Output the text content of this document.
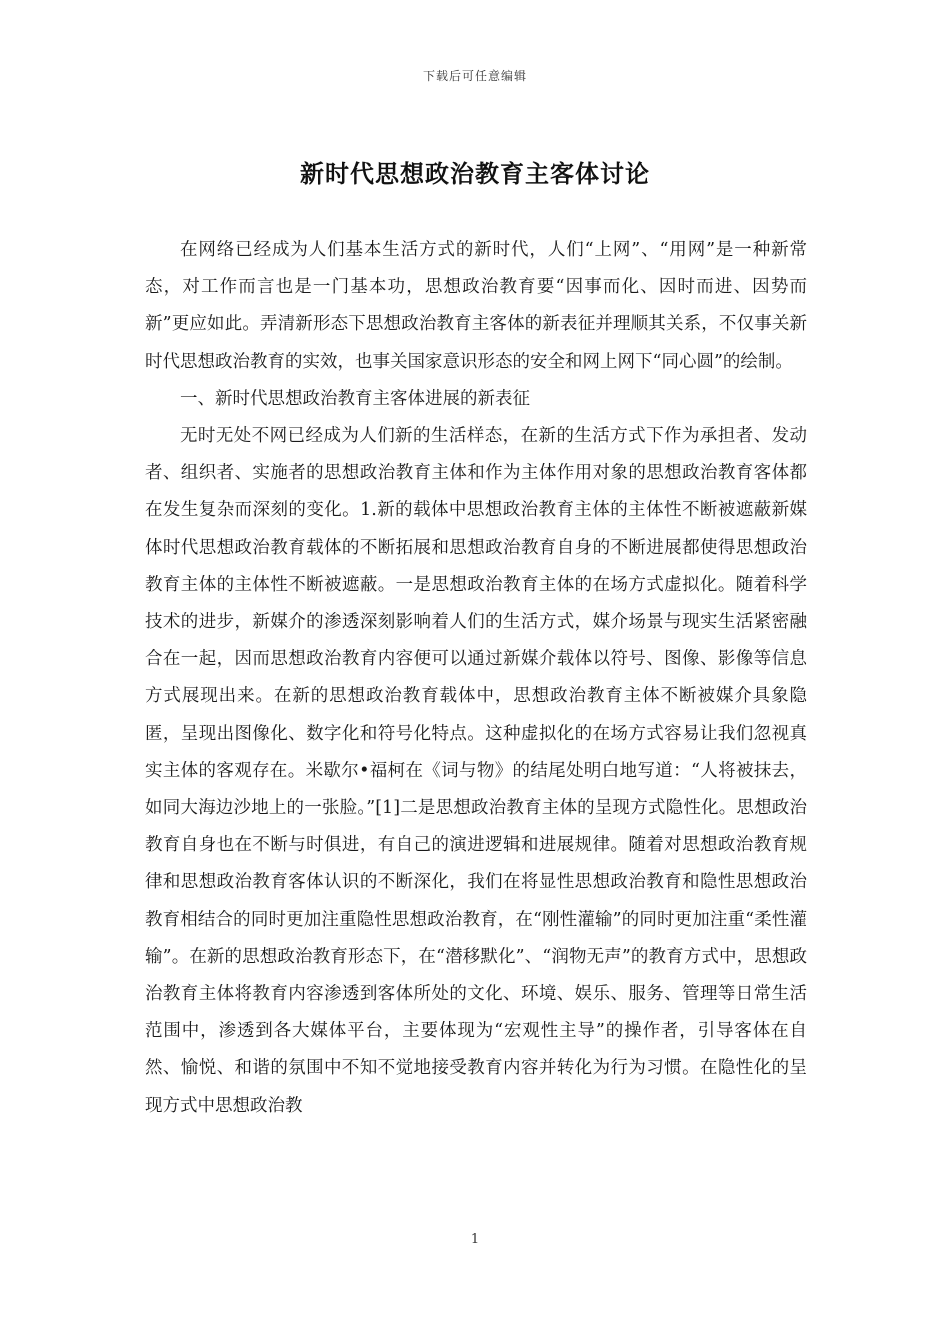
下载后可任意编辑
新时代思想政治教育主客体讨论

在网络已经成为人们基本生活方式的新时代，人们“上网”、“用网”是一种新常态，对工作而言也是一门基本功，思想政治教育要“因事而化、因时而进、因势而新”更应如此。弄清新形态下思想政治教育主客体的新表征并理顺其关系，不仅事关新时代思想政治教育的实效，也事关国家意识形态的安全和网上网下“同心圆”的绘制。

一、新时代思想政治教育主客体进展的新表征

无时无处不网已经成为人们新的生活样态，在新的生活方式下作为承担者、发动者、组织者、实施者的思想政治教育主体和作为主体作用对象的思想政治教育客体都在发生复杂而深刻的变化。1.新的载体中思想政治教育主体的主体性不断被遮蔽新媒体时代思想政治教育载体的不断拓展和思想政治教育自身的不断进展都使得思想政治教育主体的主体性不断被遮蔽。一是思想政治教育主体的在场方式虚拟化。随着科学技术的进步，新媒介的渗透深刻影响着人们的生活方式，媒介场景与现实生活紧密融合在一起，因而思想政治教育内容便可以通过新媒介载体以符号、图像、影像等信息方式展现出来。在新的思想政治教育载体中，思想政治教育主体不断被媒介具象隐匿，呈现出图像化、数字化和符号化特点。这种虚拟化的在场方式容易让我们忽视真实主体的客观存在。米歇尔•福柯在《词与物》的结尾处明白地写道：“人将被抹去，如同大海边沙地上的一张脸。”[1]二是思想政治教育主体的呈现方式隐性化。思想政治教育自身也在不断与时俱进，有自己的演进逻辑和进展规律。随着对思想政治教育规律和思想政治教育客体认识的不断深化，我们在将显性思想政治教育和隐性思想政治教育相结合的同时更加注重隐性思想政治教育，在“刚性灌输”的同时更加注重“柔性灌输”。在新的思想政治教育形态下，在“潜移默化”、“润物无声”的教育方式中，思想政治教育主体将教育内容渗透到客体所处的文化、环境、娱乐、服务、管理等日常生活范围中，渗透到各大媒体平台，主要体现为“宏观性主导”的操作者，引导客体在自然、愉悦、和谐的氛围中不知不觉地接受教育内容并转化为行为习惯。在隐性化的呈现方式中思想政治教

1
